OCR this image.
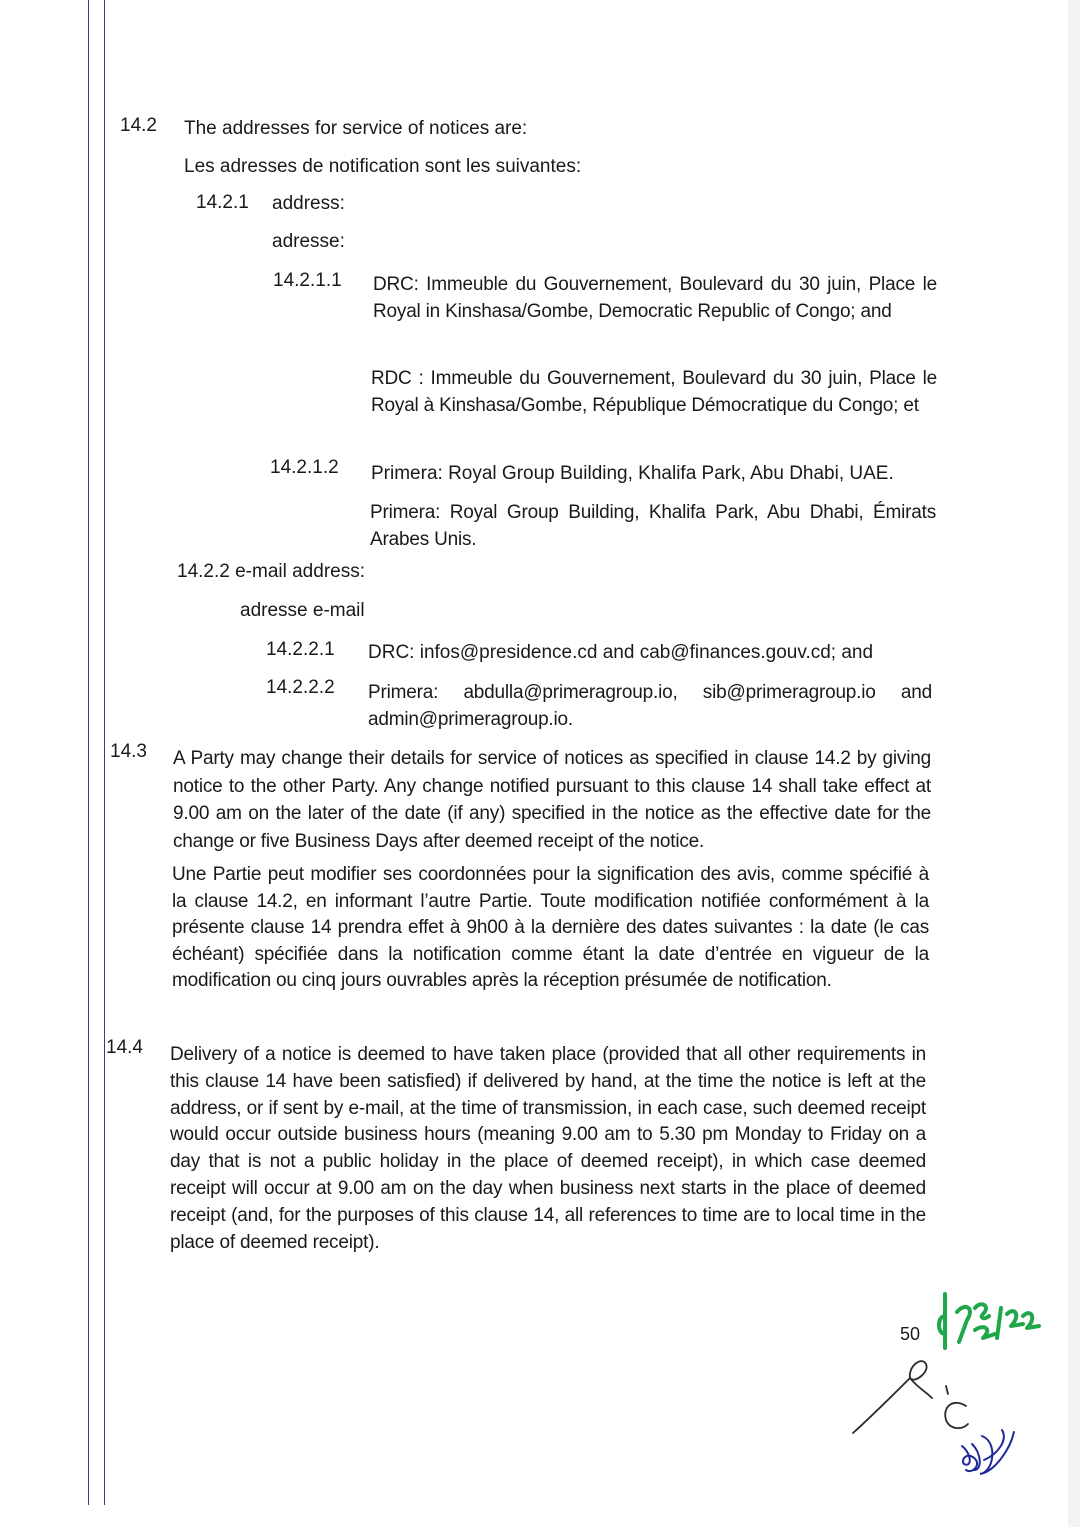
14.2 The addresses for service of notices are:
Les adresses de notification sont les suivantes:
14.2.1 address:
adresse:
14.2.1.1 DRC: Immeuble du Gouvernement, Boulevard du 30 juin, Place le Royal in Kinshasa/Gombe, Democratic Republic of Congo; and
RDC : Immeuble du Gouvernement, Boulevard du 30 juin, Place le Royal à Kinshasa/Gombe, République Démocratique du Congo; et
14.2.1.2 Primera: Royal Group Building, Khalifa Park, Abu Dhabi, UAE.
Primera: Royal Group Building, Khalifa Park, Abu Dhabi, Émirats Arabes Unis.
14.2.2 e-mail address:
adresse e-mail
14.2.2.1 DRC: infos@presidence.cd and cab@finances.gouv.cd; and
14.2.2.2 Primera: abdulla@primeragroup.io, sib@primeragroup.io and admin@primeragroup.io.
14.3 A Party may change their details for service of notices as specified in clause 14.2 by giving notice to the other Party. Any change notified pursuant to this clause 14 shall take effect at 9.00 am on the later of the date (if any) specified in the notice as the effective date for the change or five Business Days after deemed receipt of the notice.
Une Partie peut modifier ses coordonnées pour la signification des avis, comme spécifié à la clause 14.2, en informant l’autre Partie. Toute modification notifiée conformément à la présente clause 14 prendra effet à 9h00 à la dernière des dates suivantes : la date (le cas échéant) spécifiée dans la notification comme étant la date d’entrée en vigueur de la modification ou cinq jours ouvrables après la réception présumée de notification.
14.4 Delivery of a notice is deemed to have taken place (provided that all other requirements in this clause 14 have been satisfied) if delivered by hand, at the time the notice is left at the address, or if sent by e-mail, at the time of transmission, in each case, such deemed receipt would occur outside business hours (meaning 9.00 am to 5.30 pm Monday to Friday on a day that is not a public holiday in the place of deemed receipt), in which case deemed receipt will occur at 9.00 am on the day when business next starts in the place of deemed receipt (and, for the purposes of this clause 14, all references to time are to local time in the place of deemed receipt).
50
